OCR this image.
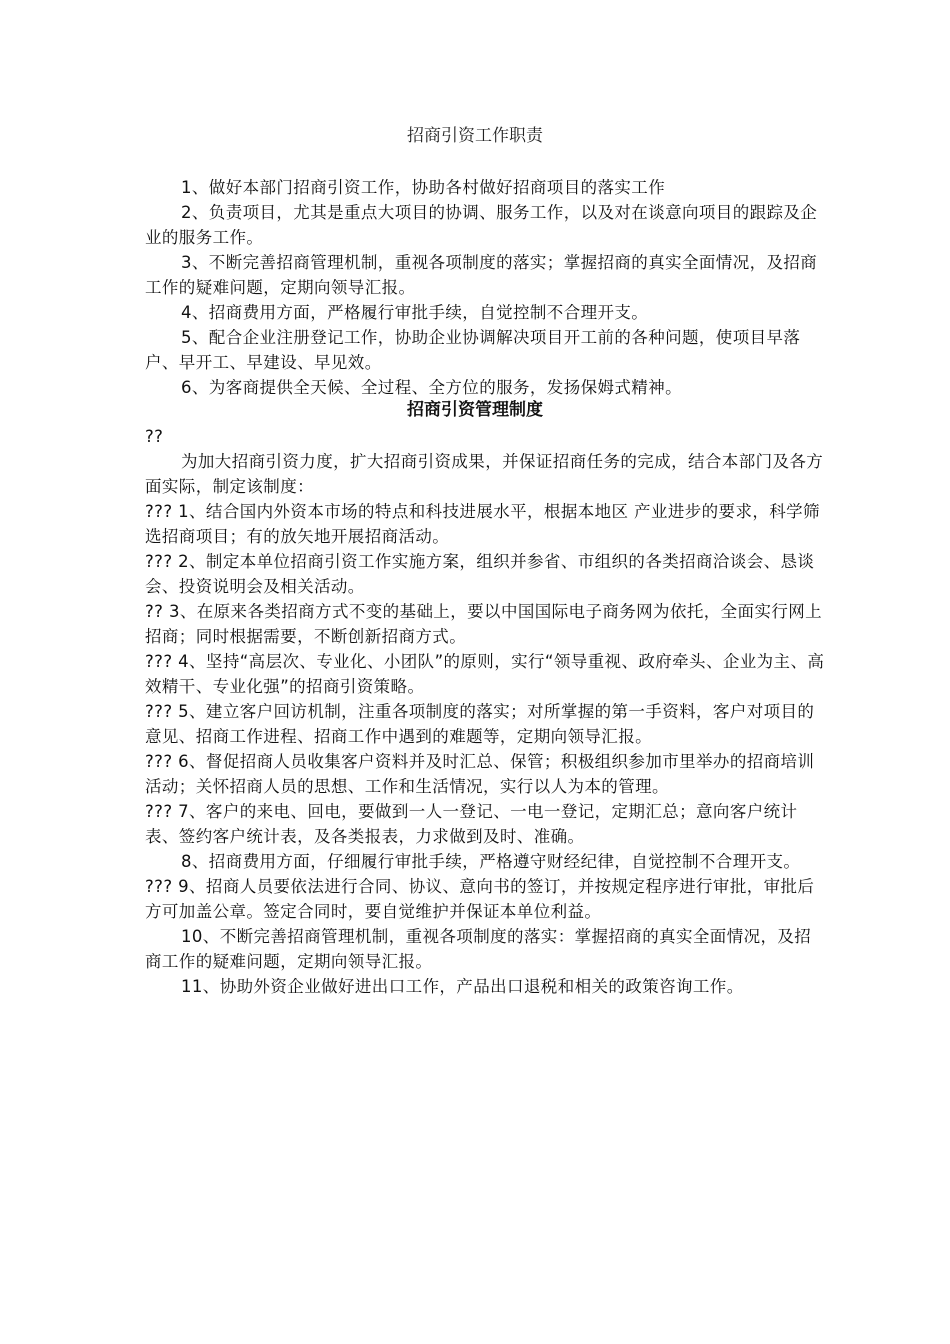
招商引资工作职责

1、做好本部门招商引资工作，协助各村做好招商项目的落实工作

2、负责项目，尤其是重点大项目的协调、服务工作，以及对在谈意向项目的跟踪及企业的服务工作。

3、不断完善招商管理机制，重视各项制度的落实；掌握招商的真实全面情况，及招商工作的疑难问题，定期向领导汇报。

4、招商费用方面，严格履行审批手续，自觉控制不合理开支。

5、配合企业注册登记工作，协助企业协调解决项目开工前的各种问题，使项目早落户、早开工、早建设、早见效。

6、为客商提供全天候、全过程、全方位的服务，发扬保姆式精神。

招商引资管理制度

??

为加大招商引资力度，扩大招商引资成果，并保证招商任务的完成，结合本部门及各方面实际，制定该制度：

??? 1、结合国内外资本市场的特点和科技进展水平，根据本地区 产业进步的要求，科学筛选招商项目；有的放矢地开展招商活动。

??? 2、制定本单位招商引资工作实施方案，组织并参省、市组织的各类招商洽谈会、恳谈会、投资说明会及相关活动。

?? 3、在原来各类招商方式不变的基础上，要以中国国际电子商务网为依托，全面实行网上招商；同时根据需要，不断创新招商方式。

??? 4、坚持“高层次、专业化、小团队”的原则，实行“领导重视、政府牵头、企业为主、高效精干、专业化强”的招商引资策略。

??? 5、建立客户回访机制，注重各项制度的落实；对所掌握的第一手资料，客户对项目的意见、招商工作进程、招商工作中遇到的难题等，定期向领导汇报。

??? 6、督促招商人员收集客户资料并及时汇总、保管；积极组织参加市里举办的招商培训活动；关怀招商人员的思想、工作和生活情况，实行以人为本的管理。

??? 7、客户的来电、回电，要做到一人一登记、一电一登记，定期汇总；意向客户统计表、签约客户统计表，及各类报表，力求做到及时、准确。

8、招商费用方面，仔细履行审批手续，严格遵守财经纪律，自觉控制不合理开支。

??? 9、招商人员要依法进行合同、协议、意向书的签订，并按规定程序进行审批，审批后方可加盖公章。签定合同时，要自觉维护并保证本单位利益。

10、不断完善招商管理机制，重视各项制度的落实：掌握招商的真实全面情况，及招商工作的疑难问题，定期向领导汇报。

11、协助外资企业做好进出口工作，产品出口退税和相关的政策咨询工作。
